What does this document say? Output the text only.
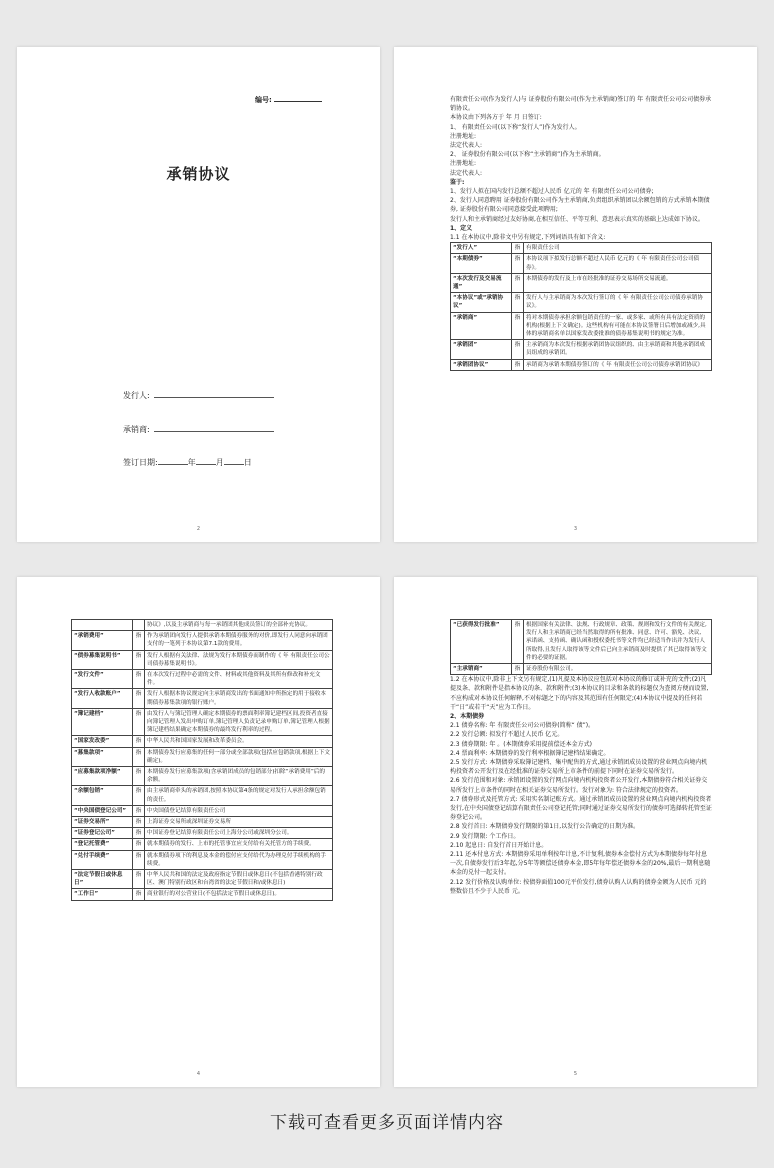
编号:
承销协议
发行人:
承销商:
签订日期:	年	月	日
2

有限责任公司(作为发行人)与 证券股份有限公司(作为主承销商)签订的 年 有限责任公司公司债券承销协议。

本协议由下列各方于 年 月 日签订:

1、 有限责任公司(以下称“发行人”)作为发行人。

注册地址:

法定代表人:

2、 证券股份有限公司(以下称“主承销商”)作为主承销商。

注册地址:

法定代表人:

鉴于:

1、发行人拟在国内发行总额不超过人民币 亿元的 年 有限责任公司公司债券;

2、发行人同意聘用 证券股份有限公司作为主承销商,负责组织承销团以余额包销的方式承销本期债券, 证券股份有限公司同意接受此项聘用;

发行人和主承销商经过友好协商,在相互信任、平等互利、意思表示真实的基础上达成如下协议。

1、定义

1.1 在本协议中,除非文中另有规定,下列词语具有如下含义:

“发行人”	指	有限责任公司
“本期债券”	指	本协议项下拟发行总额不超过人民币 亿元的《 年 有限责任公司公司债券》。
“本次发行及交易流通”	指	本期债券的发行及上市在经批准的证券交易场所交易流通。
“本协议”或“承销协议”	指	发行人与主承销商为本次发行签订的《 年 有限责任公司公司债券承销协议》。
“承销商”	指	将对本期债券承担余额包销责任的一家、或多家、或所有具有法定资质的机构(根据上下文确定)。这些机构有可能在本协议签署日后增加或减少,具体的承销商名单以国家发改委批准的债券募集说明书的规定为准。
“承销团”	指	主承销商为本次发行根据承销团协议组织的、由主承销商和其他承销团成员组成的承销团。
“承销团协议”	指	承销商为承销本期债券签订的《 年 有限责任公司公司债券承销团协议》
3
		协议》,以及主承销商与每一承销团其他成员签订的全部补充协议。
“承销费用”	指	作为承销团向发行人提供承销本期债券服务的对价,即发行人同意向承销团支付的一笔列于本协议第7.1款的费用。
“债券募集说明书”	指	发行人根据有关法律、法规为发行本期债券而制作的《 年 有限责任公司公司债券募集说明书》。
“发行文件”	指	在本次发行过程中必需的文件、材料或其他资料及其所有修改和补充文件。
“发行人收款账户”	指	发行人根据本协议规定向主承销商发出的书面通知中所指定的用于接收本期债券募集款项的银行账户。
“簿记建档”	指	由发行人与簿记管理人确定本期债券的票面利率簿记建档区间,投资者直接向簿记管理人发出申购订单,簿记管理人负责记录申购订单,簿记管理人根据簿记建档结果确定本期债券的最终发行利率的过程。
“国家发改委”	指	中华人民共和国国家发展和改革委员会。
“募集款项”	指	本期债券发行应募集的任何一部分或全部款项(包括应包销款项,根据上下文确定)。
“应募集款项净额”	指	本期债券发行应募集款项(含承销团成员的包销部分)扣除“承销费用”后的余额。
“余额包销”	指	由主承销商牵头的承销团,按照本协议第4条的规定对发行人承担余额包销的责任。
“中央国债登记公司”	指	中央国债登记结算有限责任公司
“证券交易所”	指	上海证券交易所或深圳证券交易所
“证券登记公司”	指	中国证券登记结算有限责任公司上海分公司或深圳分公司。
“登记托管费”	指	就本期债券的发行、上市的托管事宜应支付给有关托管方的手续费。
“兑付手续费”	指	就本期债券项下的利息及本金的偿付应支付给代为办理兑付手续机构的手续费。
“法定节假日或休息日”	指	中华人民共和国的法定及政府指定节假日或休息日(不包括香港特别行政区、澳门特别行政区和台湾省的法定节假日和/或休息日)
“工作日”	指	商业银行的对公营业日(不包括法定节假日或休息日)。
4
“已获得发行批准”	指	根据国家有关法律、法规、行政规章、政策、规则和发行文件的有关规定,发行人和主承销商已经当然取得的所有批准、同意、许可、豁免、决议、承诺函、支持函、确认函和授权委托书等文件均已经适当作出并为发行人所取得,且发行人取得该等文件后已向主承销商及时提供了其已取得该等文件的必要的证据。
“主承销商”	指	证券股份有限公司。

1.2 在本协议中,除非上下文另有规定,(1)凡提及本协议应包括对本协议的修订或补充的文件;(2)凡提及条、款和附件是指本协议的条、款和附件;(3)本协议的目录和条款的标题仅为查阅方便而设置,不应构成对本协议任何解释,不对标题之下的内容及其范围有任何限定;(4)本协议中提及的任何若干“日”或若干“天”应为工作日。

2、本期债券

2.1 债券名称: 年 有限责任公司公司债券(简称“ 债”)。

2.2 发行总额: 拟发行不超过人民币 亿元。

2.3 债券期限: 年 。(本期债券采用提前偿还本金方式)

2.4 票面利率: 本期债券的发行利率根据簿记建档结果确定。

2.5 发行方式: 本期债券采取簿记建档、集中配售的方式,通过承销团成员设置的营业网点向境内机构投资者公开发行及在经批准的证券交易所上市条件的前提下同时在证券交易所发行。

2.6 发行范围和对象: 承销团设置的发行网点向境内机构投资者公开发行,本期债券符合相关证券交易所发行上市条件的同时在相关证券交易所发行。发行对象为: 符合法律规定的投资者。

2.7 债券形式及托管方式: 采用实名制记账方式。通过承销团成员设置的营业网点向境内机构投资者发行,在中央国债登记结算有限责任公司登记托管;同时通过证券交易所发行的债券可选择转托管至证券登记公司。

2.8 发行首日: 本期债券发行期限的第1日,以发行公告确定的日期为准。

2.9 发行期限: 个工作日。

2.10 起息日: 自发行首日开始计息。

2.11 还本付息方式: 本期债券采用单利按年计息,不计复利,债券本金偿付方式为本期债券每年付息一次,自债券发行后3年起,分5年等额偿还债券本金,即5年每年偿还债券本金的20%,最后一期利息随本金的兑付一起支付。

2.12 发行价格及认购单位: 按债券面值100元平价发行,债券认购人认购的债券金额为人民币 元的整数倍且不少于人民币 元。

5
下载可查看更多页面详情内容
